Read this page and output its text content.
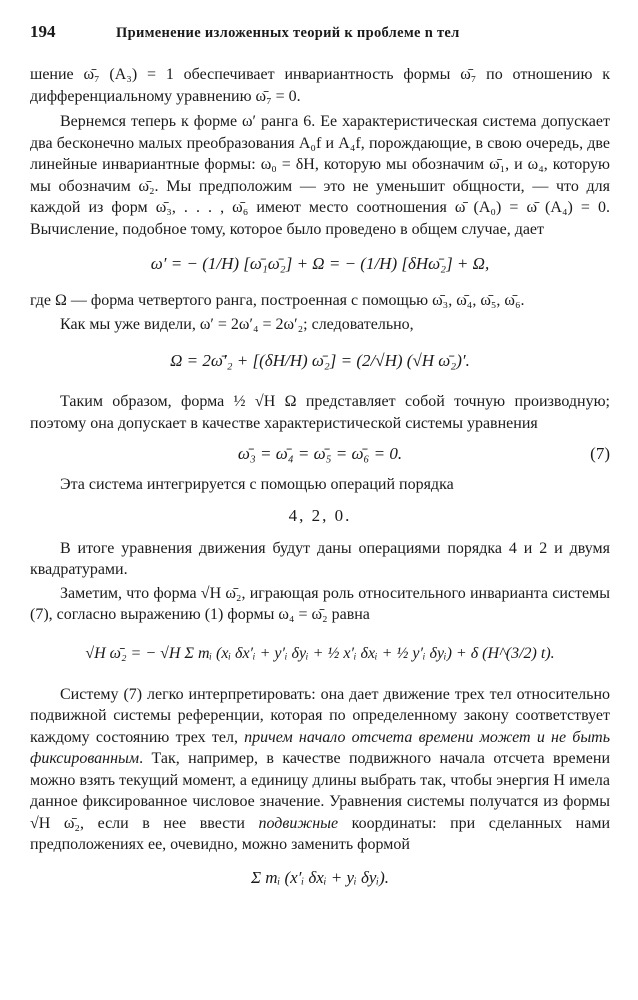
194	Применение изложенных теорий к проблеме n тел

шение ω̄₇ (A₃) = 1 обеспечивает инвариантность формы ω̄₇ по отношению к дифференциальному уравнению ω̄₇ = 0.

Вернемся теперь к форме ω′ ранга 6. Ее характеристическая система допускает два бесконечно малых преобразования A₀f и A₄f, порождающие, в свою очередь, две линейные инвариантные формы: ω₀ = δH, которую мы обозначим ω̄₁, и ω₄, которую мы обозначим ω̄₂. Мы предположим — это не уменьшит общности, — что для каждой из форм ω̄₃, . . . , ω̄₆ имеют место соотношения ω̄ (A₀) = ω̄ (A₄) = 0. Вычисление, подобное тому, которое было проведено в общем случае, дает

ω′ = − (1/H) [ω̄₁ω̄₂] + Ω = − (1/H) [δHω̄₂] + Ω,

где Ω — форма четвертого ранга, построенная с помощью ω̄₃, ω̄₄, ω̄₅, ω̄₆.

Как мы уже видели, ω′ = 2ω′₄ = 2ω′₂; следовательно,

Ω = 2ω̄′₂ + [(δH/H) ω̄₂] = (2/√H) (√H ω̄₂)′.

Таким образом, форма ½ √H Ω представляет собой точную производную; поэтому она допускает в качестве характеристической системы уравнения

ω̄₃ = ω̄₄ = ω̄₅ = ω̄₆ = 0.	(7)

Эта система интегрируется с помощью операций порядка

4, 2, 0.

В итоге уравнения движения будут даны операциями порядка 4 и 2 и двумя квадратурами.

Заметим, что форма √H ω̄₂, играющая роль относительного инварианта системы (7), согласно выражению (1) формы ω₄ = ω̄₂ равна

√H ω̄₂ = − √H Σ mᵢ (xᵢ δx′ᵢ + y′ᵢ δyᵢ + ½ x′ᵢ δxᵢ + ½ y′ᵢ δyᵢ) + δ (H^(3/2) t).

Систему (7) легко интерпретировать: она дает движение трех тел относительно подвижной системы референции, которая по определенному закону соответствует каждому состоянию трех тел, причем начало отсчета времени может и не быть фиксированным. Так, например, в качестве подвижного начала отсчета времени можно взять текущий момент, а единицу длины выбрать так, чтобы энергия H имела данное фиксированное числовое значение. Уравнения системы получатся из формы √H ω̄₂, если в нее ввести подвижные координаты: при сделанных нами предположениях ее, очевидно, можно заменить формой

Σ mᵢ (x′ᵢ δxᵢ + yᵢ δyᵢ).
